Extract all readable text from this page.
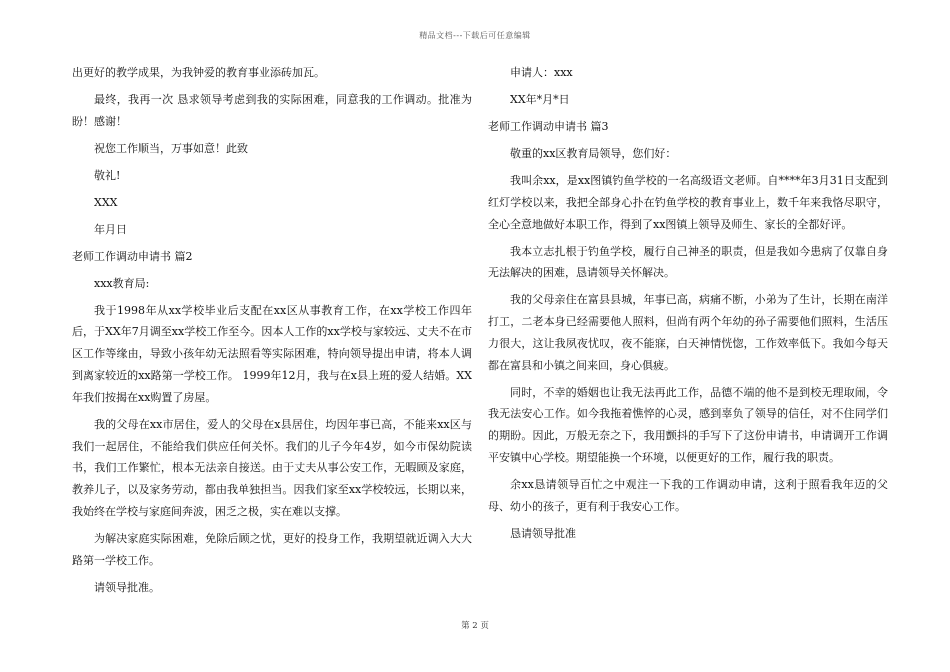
精品文档---下载后可任意编辑

出更好的教学成果，为我钟爱的教育事业添砖加瓦。

最终，我再一次 恳求领导考虑到我的实际困难，同意我的工作调动。批准为盼！感谢！

祝您工作顺当，万事如意！此致

敬礼!

XXX

年月日

老师工作调动申请书 篇2

xxx教育局:

我于1998年从xx学校毕业后支配在xx区从事教育工作，在xx学校工作四年后，于XX年7月调至xx学校工作至今。因本人工作的xx学校与家较远、丈夫不在市区工作等缘由，导致小孩年幼无法照看等实际困难，特向领导提出申请，将本人调到离家较近的xx路第一学校工作。 1999年12月，我与在x县上班的爱人结婚。XX年我们按揭在xx购置了房屋。

我的父母在xx市居住，爱人的父母在x县居住，均因年事已高，不能来xx区与我们一起居住，不能给我们供应任何关怀。我们的儿子今年4岁，如今市保幼院读书，我们工作繁忙，根本无法亲自接送。由于丈夫从事公安工作，无暇顾及家庭，教养儿子，以及家务劳动，都由我单独担当。因我们家至xx学校较远，长期以来，我始终在学校与家庭间奔波，困乏之极，实在难以支撑。

为解决家庭实际困难，免除后顾之忧，更好的投身工作，我期望就近调入大大路第一学校工作。

请领导批准。

申请人：xxx

XX年*月*日

老师工作调动申请书 篇3

敬重的xx区教育局领导，您们好：

我叫余xx，是xx图镇钓鱼学校的一名高级语文老师。自****年3月31日支配到红灯学校以来，我把全部身心扑在钓鱼学校的教育事业上，数千年来我恪尽职守，全心全意地做好本职工作，得到了xx图镇上领导及师生、家长的全都好评。

我本立志扎根于钓鱼学校，履行自己神圣的职责，但是我如今患病了仅靠自身无法解决的困难，恳请领导关怀解决。

我的父母亲住在富县县城，年事已高，病痛不断，小弟为了生计，长期在南洋打工，二老本身已经需要他人照料，但尚有两个年幼的孙子需要他们照料，生活压力很大，这让我夙夜忧叹，夜不能寐，白天神情恍惚，工作效率低下。我如今每天都在富县和小镇之间来回，身心俱疲。

同时，不幸的婚姻也让我无法再此工作，品德不端的他不是到校无理取闹，令我无法安心工作。如今我拖着憔悴的心灵，感到辜负了领导的信任，对不住同学们的期盼。因此，万般无奈之下，我用颤抖的手写下了这份申请书，申请调开工作调平安镇中心学校。期望能换一个环境，以便更好的工作，履行我的职责。

余xx恳请领导百忙之中观注一下我的工作调动申请，这利于照看我年迈的父母、幼小的孩子，更有利于我安心工作。

恳请领导批准

第 2 页
